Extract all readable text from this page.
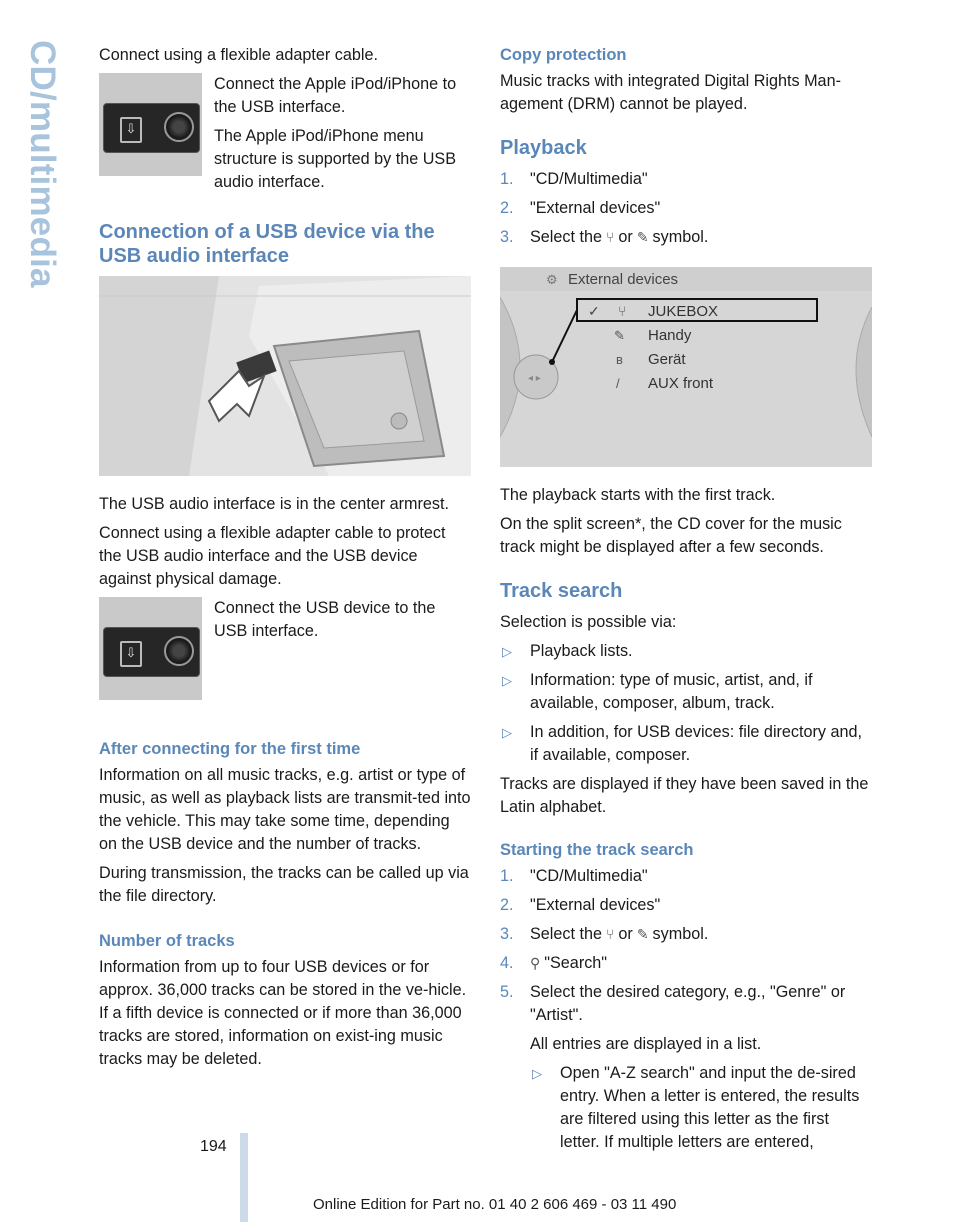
CD/multimedia Connect using a flexible adapter cable.

⇩

Connect the Apple iPod/iPhone to the USB interface.

The Apple iPod/iPhone menu structure is supported by the USB audio interface.

Connection of a USB device via the USB audio interface

The USB audio interface is in the center armrest.

Connect using a flexible adapter cable to protect the USB audio interface and the USB device against physical damage.

⇩

Connect the USB device to the USB interface.

After connecting for the first time

Information on all music tracks, e.g. artist or type of music, as well as playback lists are transmit-ted into the vehicle. This may take some time, depending on the USB device and the number of tracks.

During transmission, the tracks can be called up via the file directory.

Number of tracks

Information from up to four USB devices or for approx. 36,000 tracks can be stored in the ve-hicle. If a fifth device is connected or if more than 36,000 tracks are stored, information on exist-ing music tracks may be deleted.

Copy protection

Music tracks with integrated Digital Rights Man-agement (DRM) cannot be played.

Playback
1. "CD/Multimedia"
2. "External devices"
3. Select the ⑂ or ✎ symbol.
External devices
⚙
◂ ▸
✓ ⑂ JUKEBOX
✎ Handy
ʙ Gerät
/ AUX front

The playback starts with the first track.

On the split screen*, the CD cover for the music track might be displayed after a few seconds.

Track search

Selection is possible via:

▷ Playback lists.
▷ Information: type of music, artist, and, if available, composer, album, track.
▷ In addition, for USB devices: file directory and, if available, composer.

Tracks are displayed if they have been saved in the Latin alphabet.

Starting the track search
1. "CD/Multimedia"
2. "External devices"
3. Select the ⑂ or ✎ symbol.
4. ⚲ "Search"
5. Select the desired category, e.g., "Genre" or "Artist".

All entries are displayed in a list.

▷ Open "A-Z search" and input the de-sired entry. When a letter is entered, the results are filtered using this letter as the first letter. If multiple letters are entered,
194
Online Edition for Part no. 01 40 2 606 469 - 03 11 490
